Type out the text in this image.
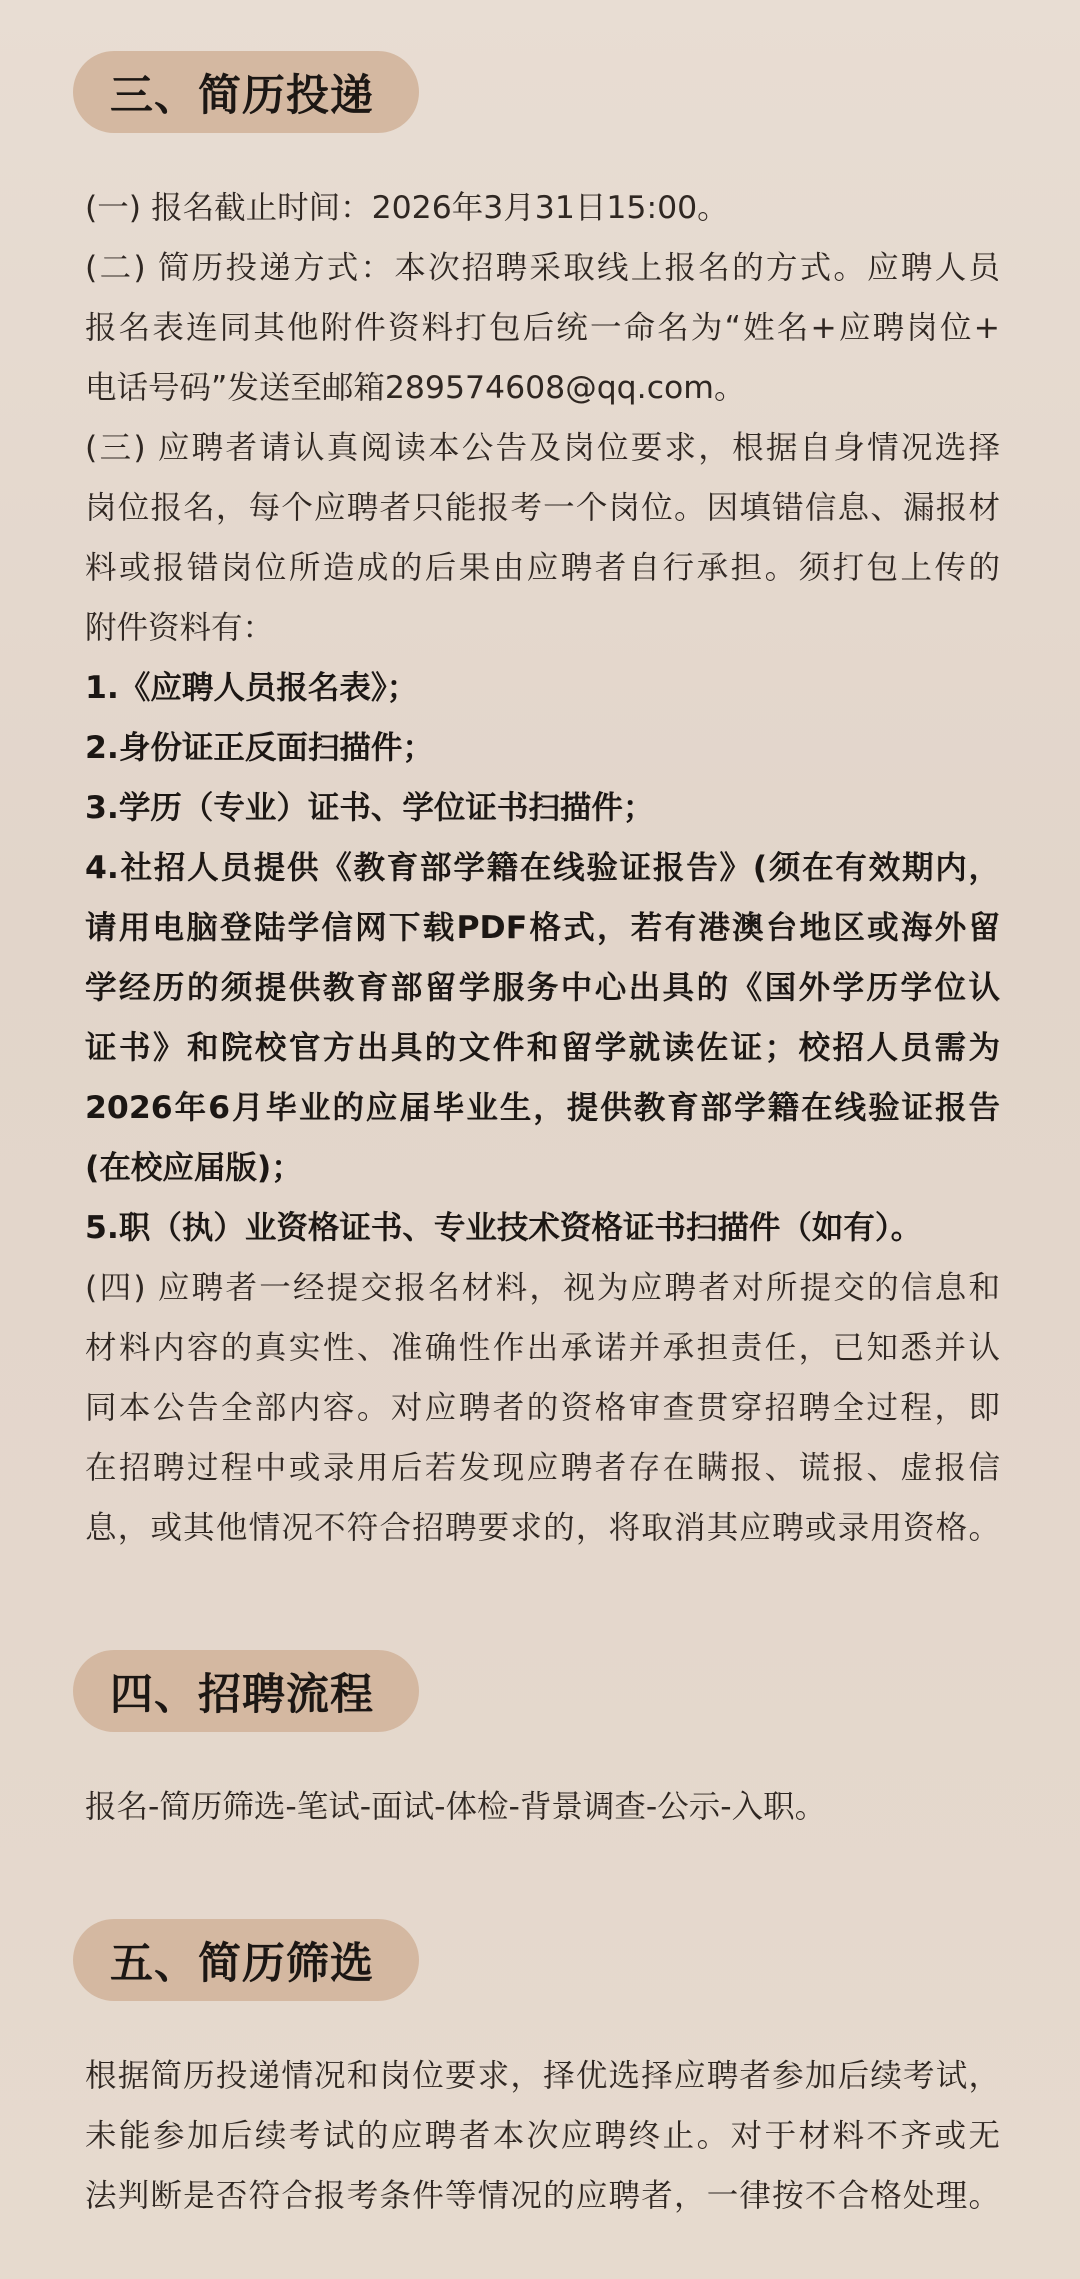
三、简历投递
(一) 报名截止时间：2026年3月31日15:00。
(二) 简历投递方式：本次招聘采取线上报名的方式。应聘人员
报名表连同其他附件资料打包后统一命名为“姓名+应聘岗位+
电话号码”发送至邮箱289574608@qq.com。
(三) 应聘者请认真阅读本公告及岗位要求，根据自身情况选择
岗位报名，每个应聘者只能报考一个岗位。因填错信息、漏报材
料或报错岗位所造成的后果由应聘者自行承担。须打包上传的
附件资料有：
1.《应聘人员报名表》；
2.身份证正反面扫描件；
3.学历（专业）证书、学位证书扫描件；
4.社招人员提供《教育部学籍在线验证报告》(须在有效期内，
请用电脑登陆学信网下载PDF格式，若有港澳台地区或海外留
学经历的须提供教育部留学服务中心出具的《国外学历学位认
证书》和院校官方出具的文件和留学就读佐证；校招人员需为
2026年6月毕业的应届毕业生，提供教育部学籍在线验证报告
(在校应届版)；
5.职（执）业资格证书、专业技术资格证书扫描件（如有）。
(四) 应聘者一经提交报名材料，视为应聘者对所提交的信息和
材料内容的真实性、准确性作出承诺并承担责任，已知悉并认
同本公告全部内容。对应聘者的资格审查贯穿招聘全过程，即
在招聘过程中或录用后若发现应聘者存在瞒报、谎报、虚报信
息，或其他情况不符合招聘要求的，将取消其应聘或录用资格。
四、招聘流程
报名-简历筛选-笔试-面试-体检-背景调查-公示-入职。
五、简历筛选
根据简历投递情况和岗位要求，择优选择应聘者参加后续考试，
未能参加后续考试的应聘者本次应聘终止。对于材料不齐或无
法判断是否符合报考条件等情况的应聘者，一律按不合格处理。
